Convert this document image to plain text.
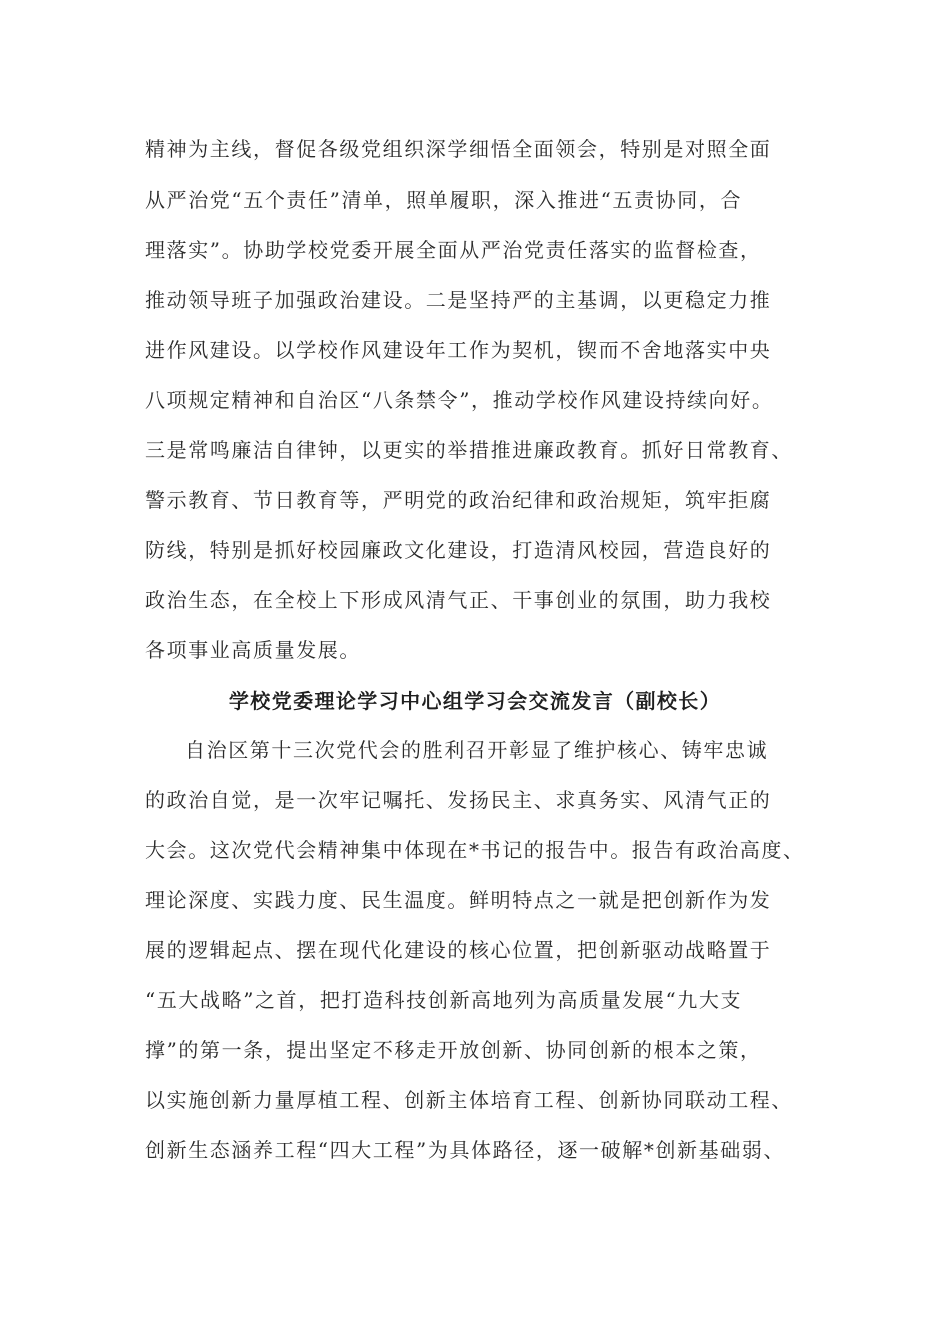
精神为主线，督促各级党组织深学细悟全面领会，特别是对照全面
从严治党“五个责任”清单，照单履职，深入推进“五责协同，合
理落实”。协助学校党委开展全面从严治党责任落实的监督检查，
推动领导班子加强政治建设。二是坚持严的主基调，以更稳定力推
进作风建设。以学校作风建设年工作为契机，锲而不舍地落实中央
八项规定精神和自治区“八条禁令”，推动学校作风建设持续向好。
三是常鸣廉洁自律钟，以更实的举措推进廉政教育。抓好日常教育、
警示教育、节日教育等，严明党的政治纪律和政治规矩，筑牢拒腐
防线，特别是抓好校园廉政文化建设，打造清风校园，营造良好的
政治生态，在全校上下形成风清气正、干事创业的氛围，助力我校
各项事业高质量发展。
学校党委理论学习中心组学习会交流发言（副校长）
自治区第十三次党代会的胜利召开彰显了维护核心、铸牢忠诚
的政治自觉，是一次牢记嘱托、发扬民主、求真务实、风清气正的
大会。这次党代会精神集中体现在*书记的报告中。报告有政治高度、
理论深度、实践力度、民生温度。鲜明特点之一就是把创新作为发
展的逻辑起点、摆在现代化建设的核心位置，把创新驱动战略置于
“五大战略”之首，把打造科技创新高地列为高质量发展“九大支
撑”的第一条，提出坚定不移走开放创新、协同创新的根本之策，
以实施创新力量厚植工程、创新主体培育工程、创新协同联动工程、
创新生态涵养工程“四大工程”为具体路径，逐一破解*创新基础弱、
